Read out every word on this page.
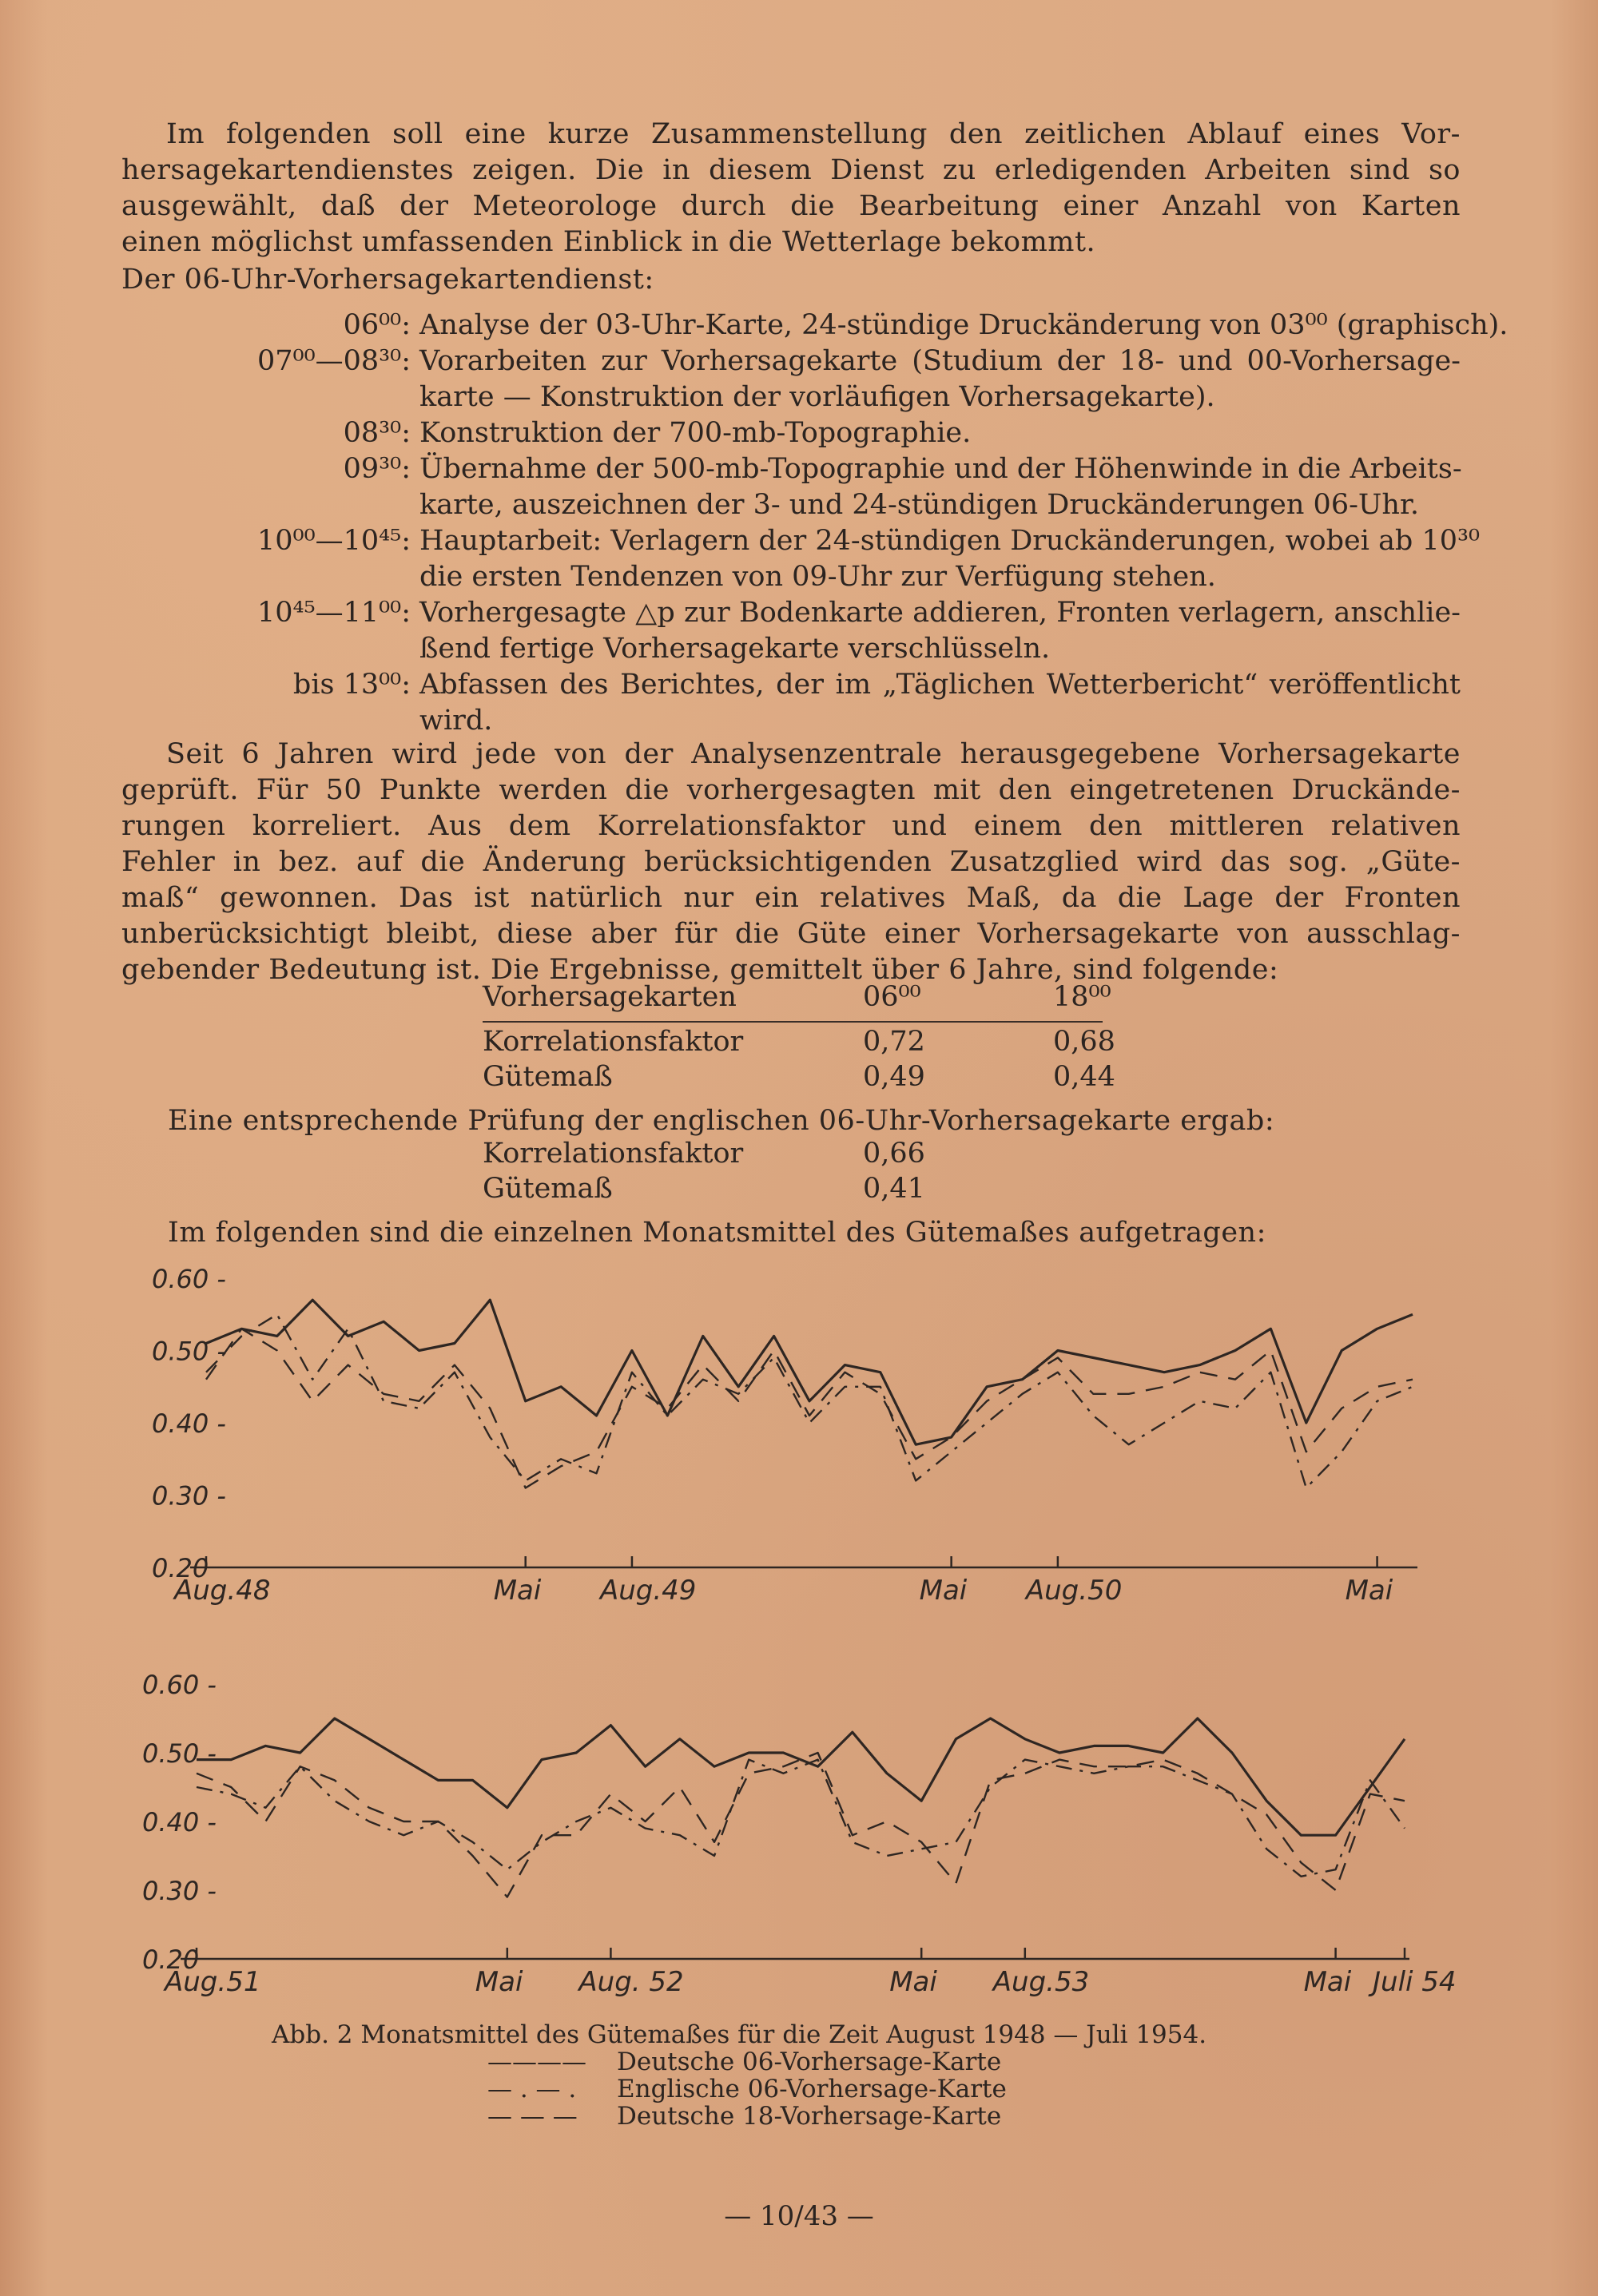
Im folgenden soll eine kurze Zusammenstellung den zeitlichen Ablauf eines Vor-
hersagekartendienstes zeigen. Die in diesem Dienst zu erledigenden Arbeiten sind so
ausgewählt, daß der Meteorologe durch die Bearbeitung einer Anzahl von Karten
einen möglichst umfassenden Einblick in die Wetterlage bekommt.
Der 06-Uhr-Vorhersagekartendienst:
06⁰⁰: Analyse der 03-Uhr-Karte, 24-stündige Druckänderung von 03⁰⁰ (graphisch).
07⁰⁰—08³⁰: Vorarbeiten zur Vorhersagekarte (Studium der 18- und 00-Vorhersage-
karte — Konstruktion der vorläufigen Vorhersagekarte).
08³⁰: Konstruktion der 700-mb-Topographie.
09³⁰: Übernahme der 500-mb-Topographie und der Höhenwinde in die Arbeits-
karte, auszeichnen der 3- und 24-stündigen Druckänderungen 06-Uhr.
10⁰⁰—10⁴⁵: Hauptarbeit: Verlagern der 24-stündigen Druckänderungen, wobei ab 10³⁰
die ersten Tendenzen von 09-Uhr zur Verfügung stehen.
10⁴⁵—11⁰⁰: Vorhergesagte △p zur Bodenkarte addieren, Fronten verlagern, anschlie-
ßend fertige Vorhersagekarte verschlüsseln.
bis 13⁰⁰: Abfassen des Berichtes, der im „Täglichen Wetterbericht“ veröffentlicht
wird.
Seit 6 Jahren wird jede von der Analysenzentrale herausgegebene Vorhersagekarte
geprüft. Für 50 Punkte werden die vorhergesagten mit den eingetretenen Druckände-
rungen korreliert. Aus dem Korrelationsfaktor und einem den mittleren relativen
Fehler in bez. auf die Änderung berücksichtigenden Zusatzglied wird das sog. „Güte-
maß“ gewonnen. Das ist natürlich nur ein relatives Maß, da die Lage der Fronten
unberücksichtigt bleibt, diese aber für die Güte einer Vorhersagekarte von ausschlag-
gebender Bedeutung ist. Die Ergebnisse, gemittelt über 6 Jahre, sind folgende:
Vorhersagekarten	06⁰⁰	18⁰⁰
Korrelationsfaktor	0,72	0,68
Gütemaß	0,49	0,44
Eine entsprechende Prüfung der englischen 06-Uhr-Vorhersagekarte ergab:
Korrelationsfaktor	0,66
Gütemaß	0,41
Im folgenden sind die einzelnen Monatsmittel des Gütemaßes aufgetragen:
0.60 -
0.50 -
0.40 -
0.30 -
0.20
Aug.48	Mai Aug.49	Mai Aug.50	Mai
0.60 -
0.50 -
0.40 -
0.30 -
0.20
Aug.51	Mai Aug. 52	Mai Aug.53	Mai Juli 54
Abb. 2 Monatsmittel des Gütemaßes für die Zeit August 1948 — Juli 1954.
———— Deutsche 06-Vorhersage-Karte
— . — . Englische 06-Vorhersage-Karte
— — — Deutsche 18-Vorhersage-Karte
— 10/43 —
